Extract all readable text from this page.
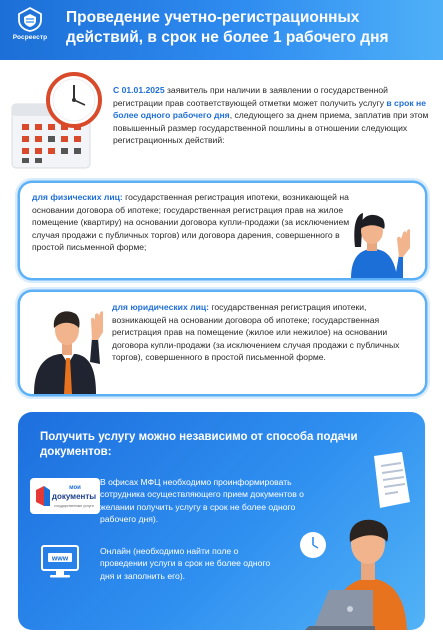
Росреестр
Проведение учетно-регистрационных действий, в срок не более 1 рабочего дня
С 01.01.2025 заявитель при наличии в заявлении о государственной регистрации прав соответствующей отметки может получить услугу в срок не более одного рабочего дня, следующего за днем приема, заплатив при этом повышенный размер государственной пошлины в отношении следующих регистрационных действий:
для физических лиц: государственная регистрация ипотеки, возникающей на основании договора об ипотеке; государственная регистрация прав на жилое помещение (квартиру) на основании договора купли-продажи (за исключением случая продажи с публичных торгов) или договора дарения, совершенного в простой письменной форме;
для юридических лиц: государственная регистрация ипотеки, возникающей на основании договора об ипотеке; государственная регистрация прав на помещение (жилое или нежилое) на основании договора купли-продажи (за исключением случая продажи с публичных торгов), совершенного в простой письменной форме.
Получить услугу можно независимо от способа подачи документов:
мои
документы
государственные услуги
В офисах МФЦ необходимо проинформировать сотрудника осуществляющего прием документов о желании получить услугу в срок не более одного рабочего дня).
www
Онлайн (необходимо найти поле о проведении услуги в срок не более одного дня и заполнить его).
